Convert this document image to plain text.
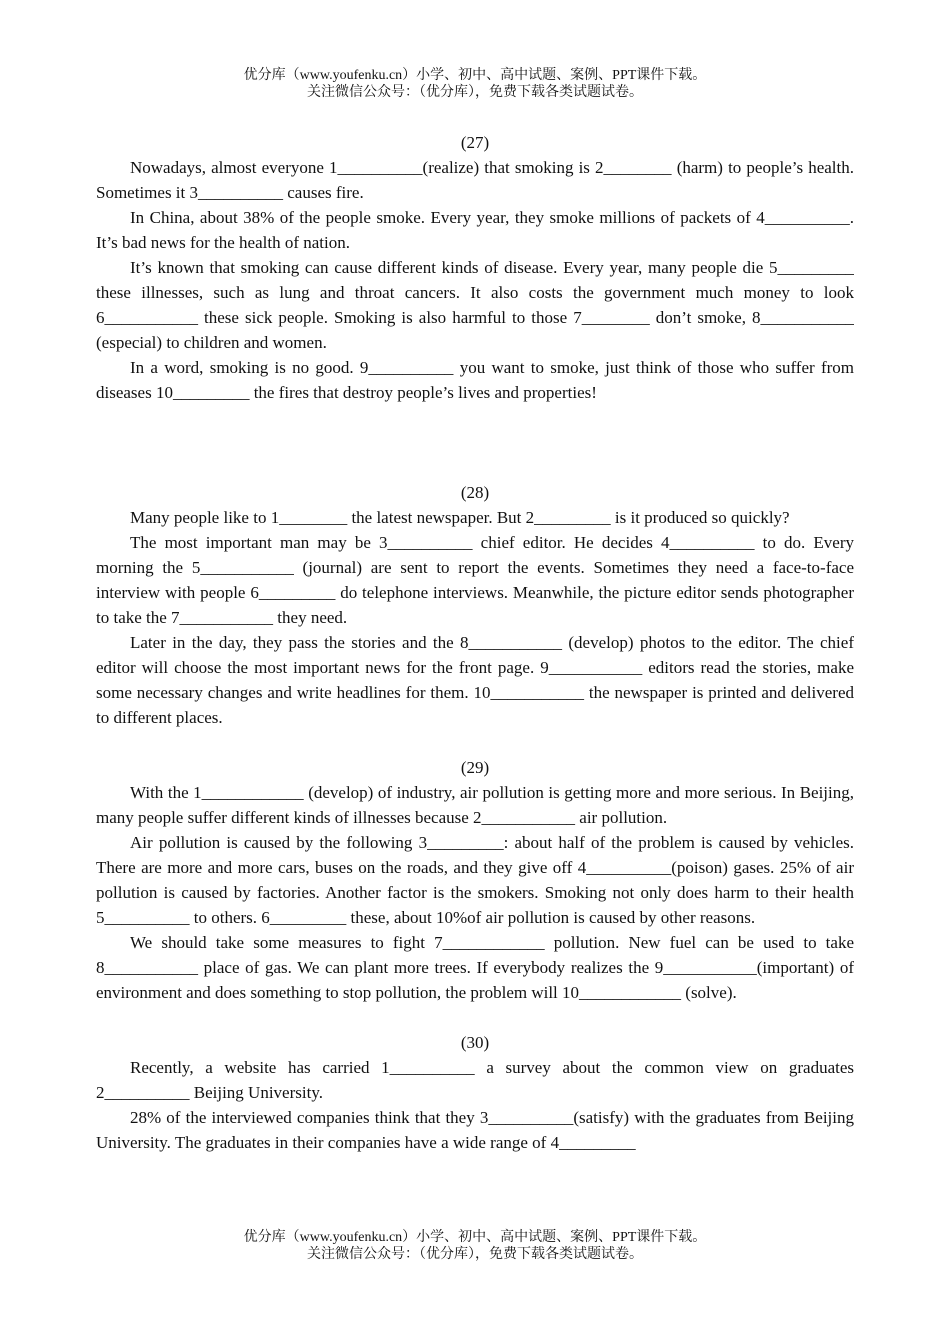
优分库（www.youfenku.cn）小学、初中、高中试题、案例、PPT课件下载。
关注微信公众号：（优分库），免费下载各类试题试卷。
(27)

Nowadays, almost everyone 1__________(realize) that smoking is 2________ (harm) to people’s health. Sometimes it 3__________ causes fire.

In China, about 38% of the people smoke. Every year, they smoke millions of packets of 4__________. It’s bad news for the health of nation.

It’s known that smoking can cause different kinds of disease. Every year, many people die 5_________ these illnesses, such as lung and throat cancers. It also costs the government much money to look 6___________ these sick people. Smoking is also harmful to those 7________ don’t smoke, 8___________ (especial) to children and women.

In a word, smoking is no good. 9__________ you want to smoke, just think of those who suffer from diseases 10_________ the fires that destroy people’s lives and properties!

(28)

Many people like to 1________ the latest newspaper. But 2_________ is it produced so quickly?

The most important man may be 3__________ chief editor. He decides 4__________ to do. Every morning the 5___________ (journal) are sent to report the events. Sometimes they need a face-to-face interview with people 6_________ do telephone interviews. Meanwhile, the picture editor sends photographer to take the 7___________ they need.

Later in the day, they pass the stories and the 8___________ (develop) photos to the editor. The chief editor will choose the most important news for the front page. 9___________ editors read the stories, make some necessary changes and write headlines for them. 10___________ the newspaper is printed and delivered to different places.

(29)

With the 1____________ (develop) of industry, air pollution is getting more and more serious. In Beijing, many people suffer different kinds of illnesses because 2___________ air pollution.

Air pollution is caused by the following 3_________: about half of the problem is caused by vehicles. There are more and more cars, buses on the roads, and they give off 4__________(poison) gases. 25% of air pollution is caused by factories. Another factor is the smokers. Smoking not only does harm to their health 5__________ to others. 6_________ these, about 10%of air pollution is caused by other reasons.

We should take some measures to fight 7____________ pollution. New fuel can be used to take 8___________ place of gas. We can plant more trees. If everybody realizes the 9___________(important) of environment and does something to stop pollution, the problem will 10____________ (solve).

(30)

Recently, a website has carried 1__________ a survey about the common view on graduates 2__________ Beijing University.

28% of the interviewed companies think that they 3__________(satisfy) with the graduates from Beijing University. The graduates in their companies have a wide range of 4_________

优分库（www.youfenku.cn）小学、初中、高中试题、案例、PPT课件下载。
关注微信公众号：（优分库），免费下载各类试题试卷。
